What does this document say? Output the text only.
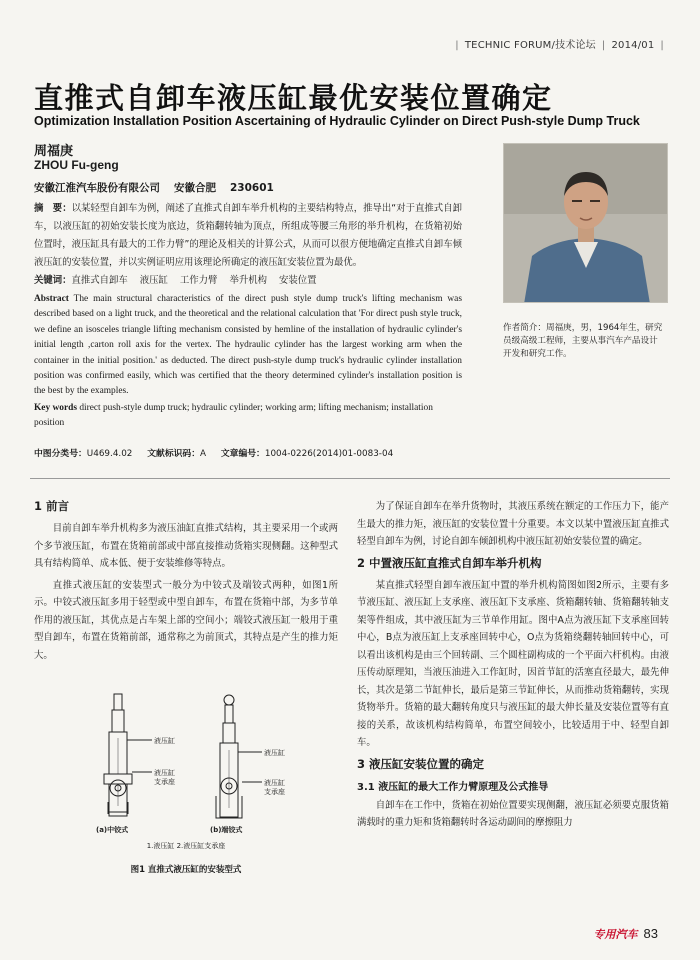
| TECHNIC FORUM/技术论坛 | 2014/01 |
直推式自卸车液压缸最优安装位置确定
Optimization Installation Position Ascertaining of Hydraulic Cylinder on Direct Push-style Dump Truck
周福庚
ZHOU Fu-geng
安徽江淮汽车股份有限公司 安徽合肥 230601
摘　要：以某轻型自卸车为例，阐述了直推式自卸车举升机构的主要结构特点，推导出“对于直推式自卸车，以液压缸的初始安装长度为底边，货箱翻转轴为顶点，所组成等腰三角形的举升机构，在货箱初始位置时，液压缸具有最大的工作力臂”的理论及相关的计算公式，从而可以很方便地确定直推式自卸车倾液压缸的安装位置，并以实例证明应用该理论所确定的液压缸安装位置为最优。
关键词：直推式自卸车 液压缸 工作力臂 举升机构 安装位置
Abstract The main structural characteristics of the direct push style dump truck's lifting mechanism was described based on a light truck, and the theoretical and the relational calculation that 'For direct push style truck, we define an isosceles triangle lifting mechanism consisted by hemline of the installation of hydraulic cylinder's initial length ,carton roll axis for the vertex. The hydraulic cylinder has the largest working arm when the container in the initial position.' as deducted. The direct push-style dump truck's hydraulic cylinder installation position was confirmed easily, which was certified that the theory determined cylinder's installation position is the best by the examples.
Key words direct push-style dump truck; hydraulic cylinder; working arm; lifting mechanism; installation position
作者简介：周福庚，男，1964年生，研究员级高级工程师，主要从事汽车产品设计开发和研究工作。
中图分类号：U469.4.02 文献标识码：A 文章编号：1004-0226(2014)01-0083-04
1 前言

目前自卸车举升机构多为液压油缸直推式结构，其主要采用一个或两个多节液压缸，布置在货箱前部或中部直接推动货箱实现侧翻。这种型式具有结构简单、成本低、便于安装维修等特点。

直推式液压缸的安装型式一般分为中铰式及端铰式两种，如图1所示。中铰式液压缸多用于轻型或中型自卸车，布置在货箱中部，为多节单作用的液压缸，其优点是占车架上部的空间小；端铰式液压缸一般用于重型自卸车，布置在货箱前部，通常称之为前顶式，其特点是产生的推力矩大。

液压缸
液压缸
支承座
液压缸
液压缸
支承座
(a)中铰式	(b)端铰式
1.液压缸 2.液压缸支承座
图1 直推式液压缸的安装型式

为了保证自卸车在举升货物时，其液压系统在额定的工作压力下，能产生最大的推力矩，液压缸的安装位置十分重要。本文以某中置液压缸直推式轻型自卸车为例，讨论自卸车倾卸机构中液压缸初始安装位置的确定。

2 中置液压缸直推式自卸车举升机构

某直推式轻型自卸车液压缸中置的举升机构简图如图2所示，主要有多节液压缸、液压缸上支承座、液压缸下支承座、货箱翻转轴、货箱翻转轴支架等件组成，其中液压缸为三节单作用缸。图中A点为液压缸下支承座回转中心，B点为液压缸上支承座回转中心，O点为货箱绕翻转轴回转中心，可以看出该机构是由三个回转副、三个圆柱副构成的一个平面六杆机构。由液压传动原理知，当液压油进入工作缸时，因首节缸的活塞直径最大，最先伸长，其次是第二节缸伸长，最后是第三节缸伸长，从而推动货箱翻转，实现货物举升。货箱的最大翻转角度只与液压缸的最大伸长量及安装位置等有直接的关系，故该机构结构简单，布置空间较小，比较适用于中、轻型自卸车。

3 液压缸安装位置的确定
3.1 液压缸的最大工作力臂原理及公式推导

自卸车在工作中，货箱在初始位置要实现侧翻，液压缸必须要克服货箱满载时的重力矩和货箱翻转时各运动副间的摩擦阻力

专用汽车 83
